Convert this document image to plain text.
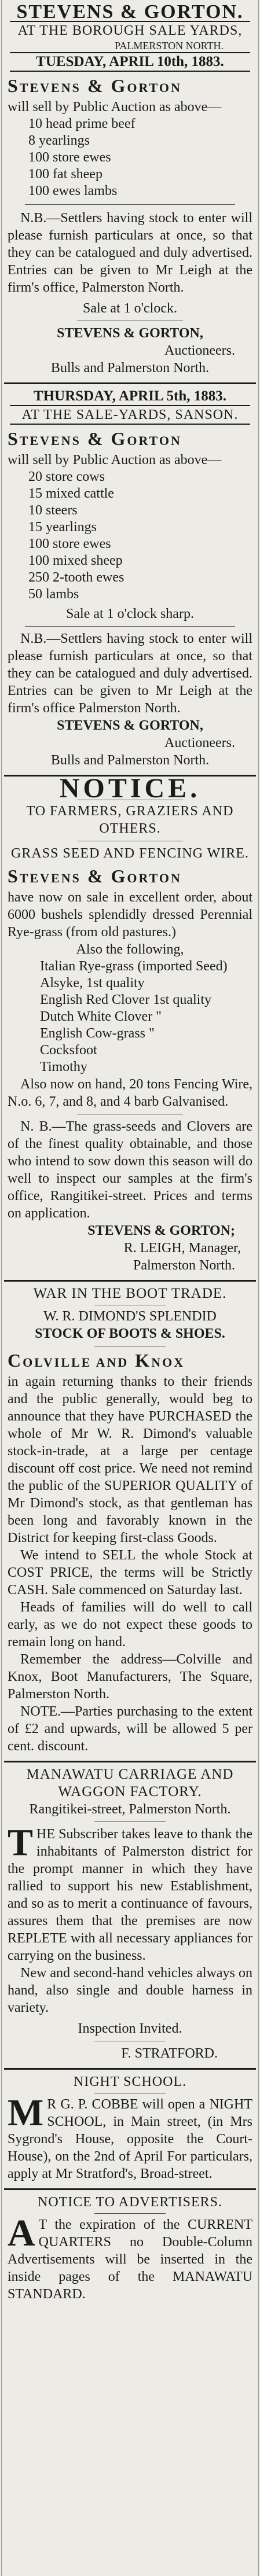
STEVENS & GORTON.
AT THE BOROUGH SALE YARDS,
PALMERSTON NORTH.
TUESDAY, APRIL 10th, 1883.
STEVENS & GORTON

will sell by Public Auction as above—

10 head prime beef
8 yearlings
100 store ewes
100 fat sheep
100 ewes lambs

N.B.—Settlers having stock to enter will please furnish particulars at once, so that they can be catalogued and duly advertised. Entries can be given to Mr Leigh at the firm's office, Palmerston North.

Sale at 1 o'clock.
STEVENS & GORTON,
Auctioneers.
Bulls and Palmerston North.
THURSDAY, APRIL 5th, 1883.
AT THE SALE-YARDS, SANSON.
STEVENS & GORTON

will sell by Public Auction as above—

20 store cows
15 mixed cattle
10 steers
15 yearlings
100 store ewes
100 mixed sheep
250 2-tooth ewes
50 lambs
Sale at 1 o'clock sharp.

N.B.—Settlers having stock to enter will please furnish particulars at once, so that they can be catalogued and duly advertised. Entries can be given to Mr Leigh at the firm's office Palmerston North.

STEVENS & GORTON,
Auctioneers.
Bulls and Palmerston North.
NOTICE.
TO FARMERS, GRAZIERS AND OTHERS.
GRASS SEED AND FENCING WIRE.
STEVENS & GORTON

have now on sale in excellent order, about 6000 bushels splendidly dressed Perennial Rye-grass (from old pastures.)

Also the following,
Italian Rye-grass (imported Seed)
Alsyke, 1st quality
English Red Clover 1st quality
Dutch White Clover "
English Cow-grass "
Cocksfoot
Timothy

Also now on hand, 20 tons Fencing Wire, N.o. 6, 7, and 8, and 4 barb Galvanised.

N. B.—The grass-seeds and Clovers are of the finest quality obtainable, and those who intend to sow down this season will do well to inspect our samples at the firm's office, Rangitikei-street. Prices and terms on application.

STEVENS & GORTON;
R. LEIGH, Manager,
Palmerston North.
WAR IN THE BOOT TRADE.
W. R. DIMOND'S SPLENDID
STOCK OF BOOTS & SHOES.
COLVILLE AND KNOX

in again returning thanks to their friends and the public generally, would beg to announce that they have PURCHASED the whole of Mr W. R. Dimond's valuable stock-in-trade, at a large per centage discount off cost price. We need not remind the public of the SUPERIOR QUALITY of Mr Dimond's stock, as that gentleman has been long and favorably known in the District for keeping first-class Goods.

We intend to SELL the whole Stock at COST PRICE, the terms will be Strictly CASH. Sale commenced on Saturday last.

Heads of families will do well to call early, as we do not expect these goods to remain long on hand.

Remember the address—Colville and Knox, Boot Manufacturers, The Square, Palmerston North.

NOTE.—Parties purchasing to the extent of £2 and upwards, will be allowed 5 per cent. discount.

MANAWATU CARRIAGE AND
WAGGON FACTORY.
Rangitikei-street, Palmerston North.

THE Subscriber takes leave to thank the inhabitants of Palmerston district for the prompt manner in which they have rallied to support his new Establishment, and so as to merit a continuance of favours, assures them that the premises are now REPLETE with all necessary appliances for carrying on the business.

New and second-hand vehicles always on hand, also single and double harness in variety.

Inspection Invited.
F. STRATFORD.
NIGHT SCHOOL.

M R G. P. COBBE will open a NIGHT SCHOOL, in Main street, (in Mrs Sygrond's House, opposite the Court-House), on the 2nd of April For particulars, apply at Mr Stratford's, Broad-street.

NOTICE TO ADVERTISERS.

A T the expiration of the CURRENT QUARTERS no Double-Column Advertisements will be inserted in the inside pages of the MANAWATU STANDARD.
